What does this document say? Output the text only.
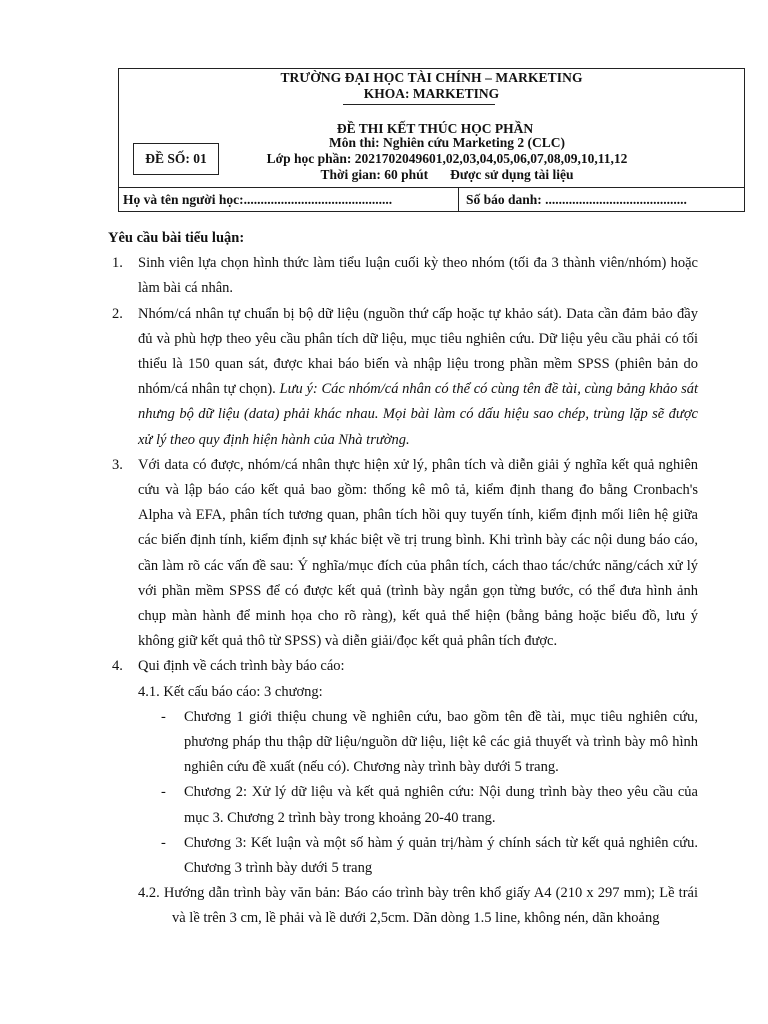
TRƯỜNG ĐẠI HỌC TÀI CHÍNH – MARKETING
KHOA: MARKETING
ĐỀ SỐ: 01
ĐỀ THI KẾT THÚC HỌC PHẦN
Môn thi: Nghiên cứu Marketing 2 (CLC)
Lớp học phần: 2021702049601,02,03,04,05,06,07,08,09,10,11,12
Thời gian: 60 phút Được sử dụng tài liệu
Họ và tên người học:............................................	Số báo danh: ..........................................
Yêu cầu bài tiểu luận:
1. Sinh viên lựa chọn hình thức làm tiểu luận cuối kỳ theo nhóm (tối đa 3 thành viên/nhóm) hoặc làm bài cá nhân.
2. Nhóm/cá nhân tự chuẩn bị bộ dữ liệu (nguồn thứ cấp hoặc tự khảo sát). Data cần đảm bảo đầy đủ và phù hợp theo yêu cầu phân tích dữ liệu, mục tiêu nghiên cứu. Dữ liệu yêu cầu phải có tối thiểu là 150 quan sát, được khai báo biến và nhập liệu trong phần mềm SPSS (phiên bản do nhóm/cá nhân tự chọn). Lưu ý: Các nhóm/cá nhân có thể có cùng tên đề tài, cùng bảng khảo sát nhưng bộ dữ liệu (data) phải khác nhau. Mọi bài làm có dấu hiệu sao chép, trùng lặp sẽ được xử lý theo quy định hiện hành của Nhà trường.
3. Với data có được, nhóm/cá nhân thực hiện xử lý, phân tích và diễn giải ý nghĩa kết quả nghiên cứu và lập báo cáo kết quả bao gồm: thống kê mô tả, kiểm định thang đo bằng Cronbach's Alpha và EFA, phân tích tương quan, phân tích hồi quy tuyến tính, kiểm định mối liên hệ giữa các biến định tính, kiểm định sự khác biệt về trị trung bình. Khi trình bày các nội dung báo cáo, cần làm rõ các vấn đề sau: Ý nghĩa/mục đích của phân tích, cách thao tác/chức năng/cách xử lý với phần mềm SPSS để có được kết quả (trình bày ngắn gọn từng bước, có thể đưa hình ảnh chụp màn hành để minh họa cho rõ ràng), kết quả thể hiện (bằng bảng hoặc biểu đồ, lưu ý không giữ kết quả thô từ SPSS) và diễn giải/đọc kết quả phân tích được.
4. Qui định về cách trình bày báo cáo:
4.1. Kết cấu báo cáo: 3 chương:
- Chương 1 giới thiệu chung về nghiên cứu, bao gồm tên đề tài, mục tiêu nghiên cứu, phương pháp thu thập dữ liệu/nguồn dữ liệu, liệt kê các giả thuyết và trình bày mô hình nghiên cứu đề xuất (nếu có). Chương này trình bày dưới 5 trang.
- Chương 2: Xử lý dữ liệu và kết quả nghiên cứu: Nội dung trình bày theo yêu cầu của mục 3. Chương 2 trình bày trong khoảng 20-40 trang.
- Chương 3: Kết luận và một số hàm ý quản trị/hàm ý chính sách từ kết quả nghiên cứu. Chương 3 trình bày dưới 5 trang
4.2. Hướng dẫn trình bày văn bản: Báo cáo trình bày trên khổ giấy A4 (210 x 297 mm); Lề trái và lề trên 3 cm, lề phải và lề dưới 2,5cm. Dãn dòng 1.5 line, không nén, dãn khoảng
